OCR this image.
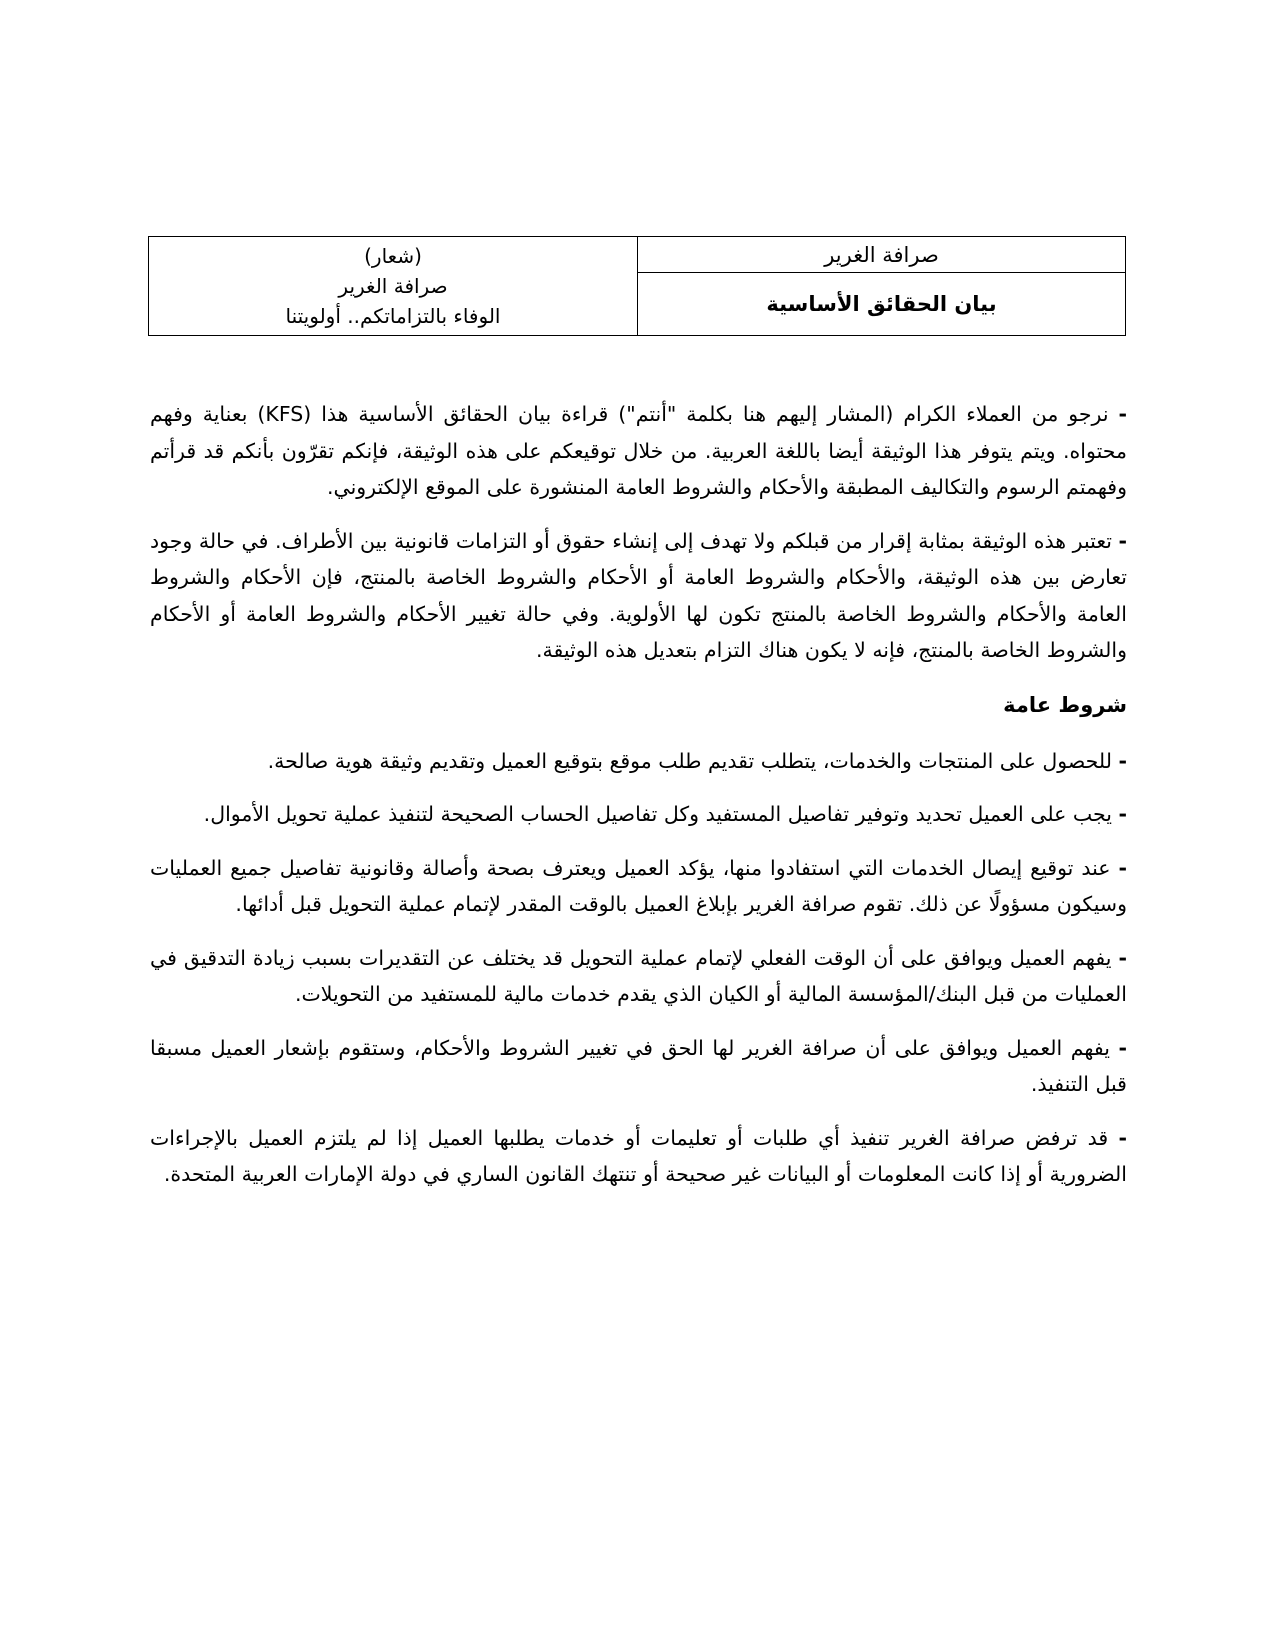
(شعار)
صرافة الغرير
الوفاء بالتزاماتكم.. أولويتنا
	صرافة الغرير
بيان الحقائق الأساسية

- نرجو من العملاء الكرام (المشار إليهم هنا بكلمة "أنتم") قراءة بيان الحقائق الأساسية هذا (KFS) بعناية وفهم محتواه. ويتم يتوفر هذا الوثيقة أيضا باللغة العربية. من خلال توقيعكم على هذه الوثيقة، فإنكم تقرّون بأنكم قد قرأتم وفهمتم الرسوم والتكاليف المطبقة والأحكام والشروط العامة المنشورة على الموقع الإلكتروني.

- تعتبر هذه الوثيقة بمثابة إقرار من قبلكم ولا تهدف إلى إنشاء حقوق أو التزامات قانونية بين الأطراف. في حالة وجود تعارض بين هذه الوثيقة، والأحكام والشروط العامة أو الأحكام والشروط الخاصة بالمنتج، فإن الأحكام والشروط العامة والأحكام والشروط الخاصة بالمنتج تكون لها الأولوية. وفي حالة تغيير الأحكام والشروط العامة أو الأحكام والشروط الخاصة بالمنتج، فإنه لا يكون هناك التزام بتعديل هذه الوثيقة.

شروط عامة

- للحصول على المنتجات والخدمات، يتطلب تقديم طلب موقع بتوقيع العميل وتقديم وثيقة هوية صالحة.

- يجب على العميل تحديد وتوفير تفاصيل المستفيد وكل تفاصيل الحساب الصحيحة لتنفيذ عملية تحويل الأموال.

- عند توقيع إيصال الخدمات التي استفادوا منها، يؤكد العميل ويعترف بصحة وأصالة وقانونية تفاصيل جميع العمليات وسيكون مسؤولًا عن ذلك. تقوم صرافة الغرير بإبلاغ العميل بالوقت المقدر لإتمام عملية التحويل قبل أدائها.

- يفهم العميل ويوافق على أن الوقت الفعلي لإتمام عملية التحويل قد يختلف عن التقديرات بسبب زيادة التدقيق في العمليات من قبل البنك/المؤسسة المالية أو الكيان الذي يقدم خدمات مالية للمستفيد من التحويلات.

- يفهم العميل ويوافق على أن صرافة الغرير لها الحق في تغيير الشروط والأحكام، وستقوم بإشعار العميل مسبقا قبل التنفيذ.

- قد ترفض صرافة الغرير تنفيذ أي طلبات أو تعليمات أو خدمات يطلبها العميل إذا لم يلتزم العميل بالإجراءات الضرورية أو إذا كانت المعلومات أو البيانات غير صحيحة أو تنتهك القانون الساري في دولة الإمارات العربية المتحدة.
